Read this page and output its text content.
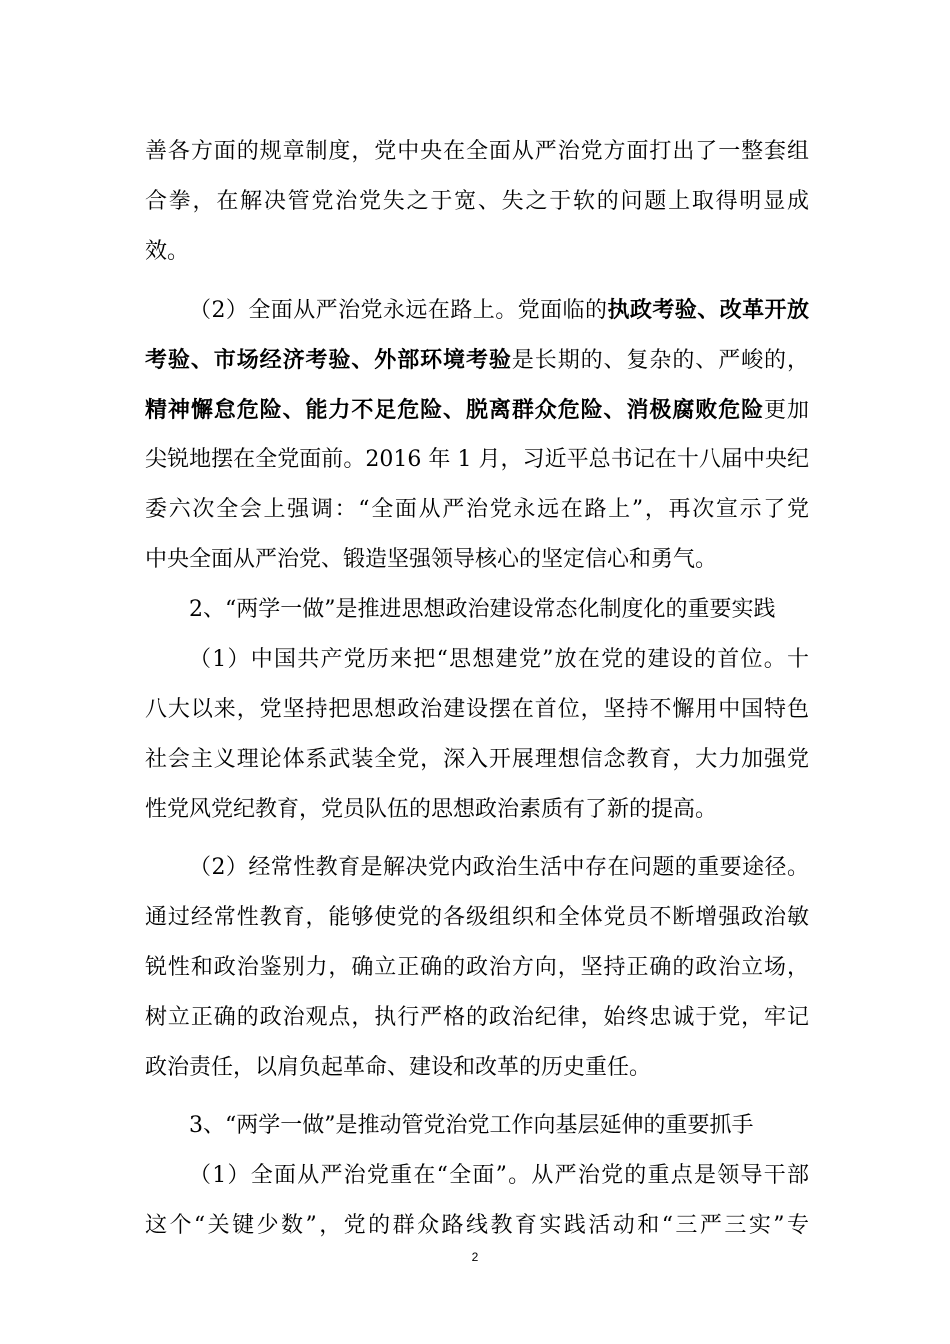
善各方面的规章制度，党中央在全面从严治党方面打出了一整套组
合拳，在解决管党治党失之于宽、失之于软的问题上取得明显成
效。
（2）全面从严治党永远在路上。党面临的执政考验、改革开放
考验、市场经济考验、外部环境考验是长期的、复杂的、严峻的，
精神懈怠危险、能力不足危险、脱离群众危险、消极腐败危险更加
尖锐地摆在全党面前。2016 年 1 月，习近平总书记在十八届中央纪
委六次全会上强调：“全面从严治党永远在路上”，再次宣示了党
中央全面从严治党、锻造坚强领导核心的坚定信心和勇气。
2、“两学一做”是推进思想政治建设常态化制度化的重要实践
（1）中国共产党历来把“思想建党”放在党的建设的首位。十
八大以来，党坚持把思想政治建设摆在首位，坚持不懈用中国特色
社会主义理论体系武装全党，深入开展理想信念教育，大力加强党
性党风党纪教育，党员队伍的思想政治素质有了新的提高。
（2）经常性教育是解决党内政治生活中存在问题的重要途径。
通过经常性教育，能够使党的各级组织和全体党员不断增强政治敏
锐性和政治鉴别力，确立正确的政治方向，坚持正确的政治立场，
树立正确的政治观点，执行严格的政治纪律，始终忠诚于党，牢记
政治责任，以肩负起革命、建设和改革的历史重任。
3、“两学一做”是推动管党治党工作向基层延伸的重要抓手
（1）全面从严治党重在“全面”。从严治党的重点是领导干部
这个“关键少数”，党的群众路线教育实践活动和“三严三实”专
2
